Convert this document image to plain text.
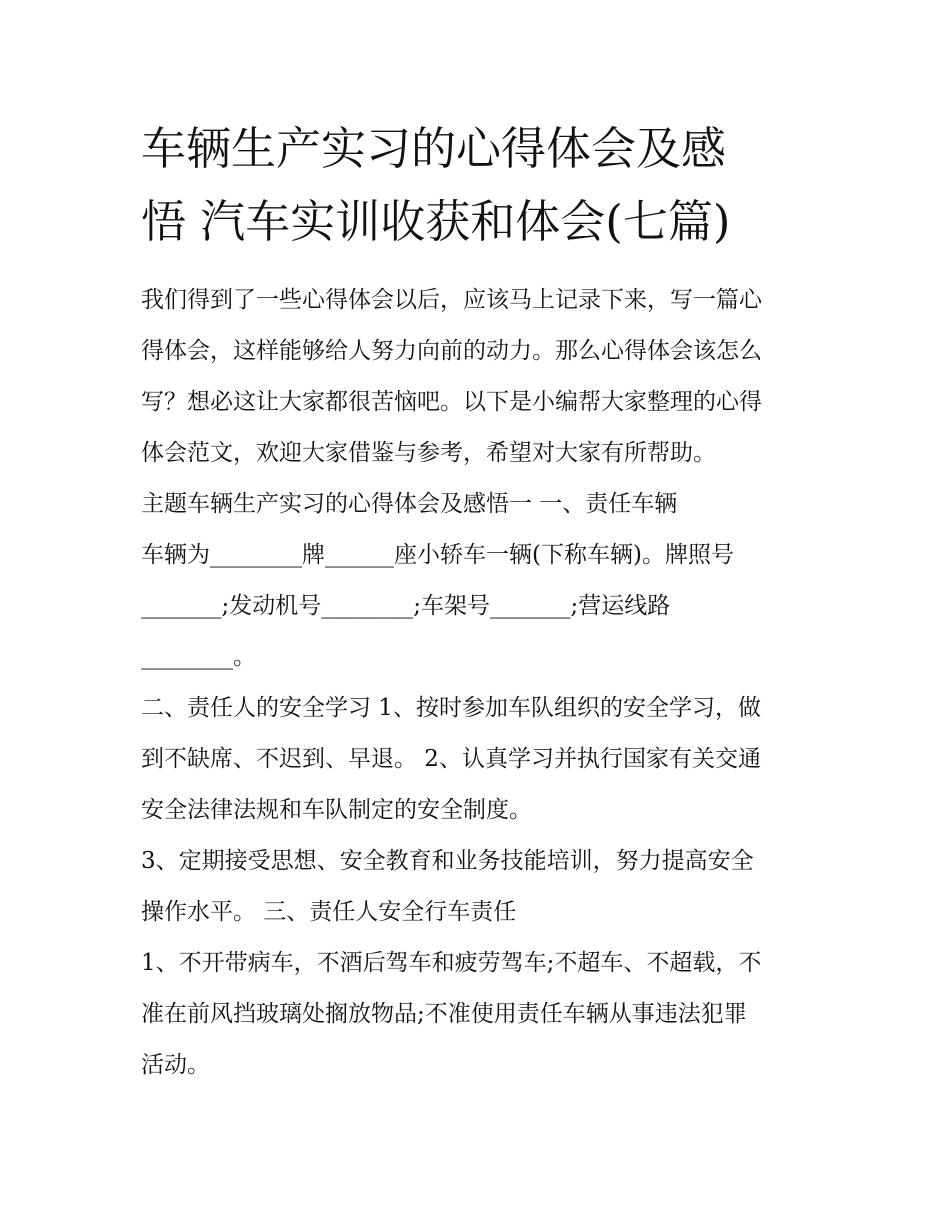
车辆生产实习的心得体会及感
悟 汽车实训收获和体会(七篇)
我们得到了一些心得体会以后，应该马上记录下来，写一篇心
得体会，这样能够给人努力向前的动力。那么心得体会该怎么
写？想必这让大家都很苦恼吧。以下是小编帮大家整理的心得
体会范文，欢迎大家借鉴与参考，希望对大家有所帮助。
主题车辆生产实习的心得体会及感悟一 一、责任车辆
车辆为________牌______座小轿车一辆(下称车辆)。牌照号
_______;发动机号________;车架号_______;营运线路
________。
二、责任人的安全学习 1、按时参加车队组织的安全学习，做
到不缺席、不迟到、早退。 2、认真学习并执行国家有关交通
安全法律法规和车队制定的安全制度。
3、定期接受思想、安全教育和业务技能培训，努力提高安全
操作水平。 三、责任人安全行车责任
1、不开带病车，不酒后驾车和疲劳驾车;不超车、不超载，不
准在前风挡玻璃处搁放物品;不准使用责任车辆从事违法犯罪
活动。
